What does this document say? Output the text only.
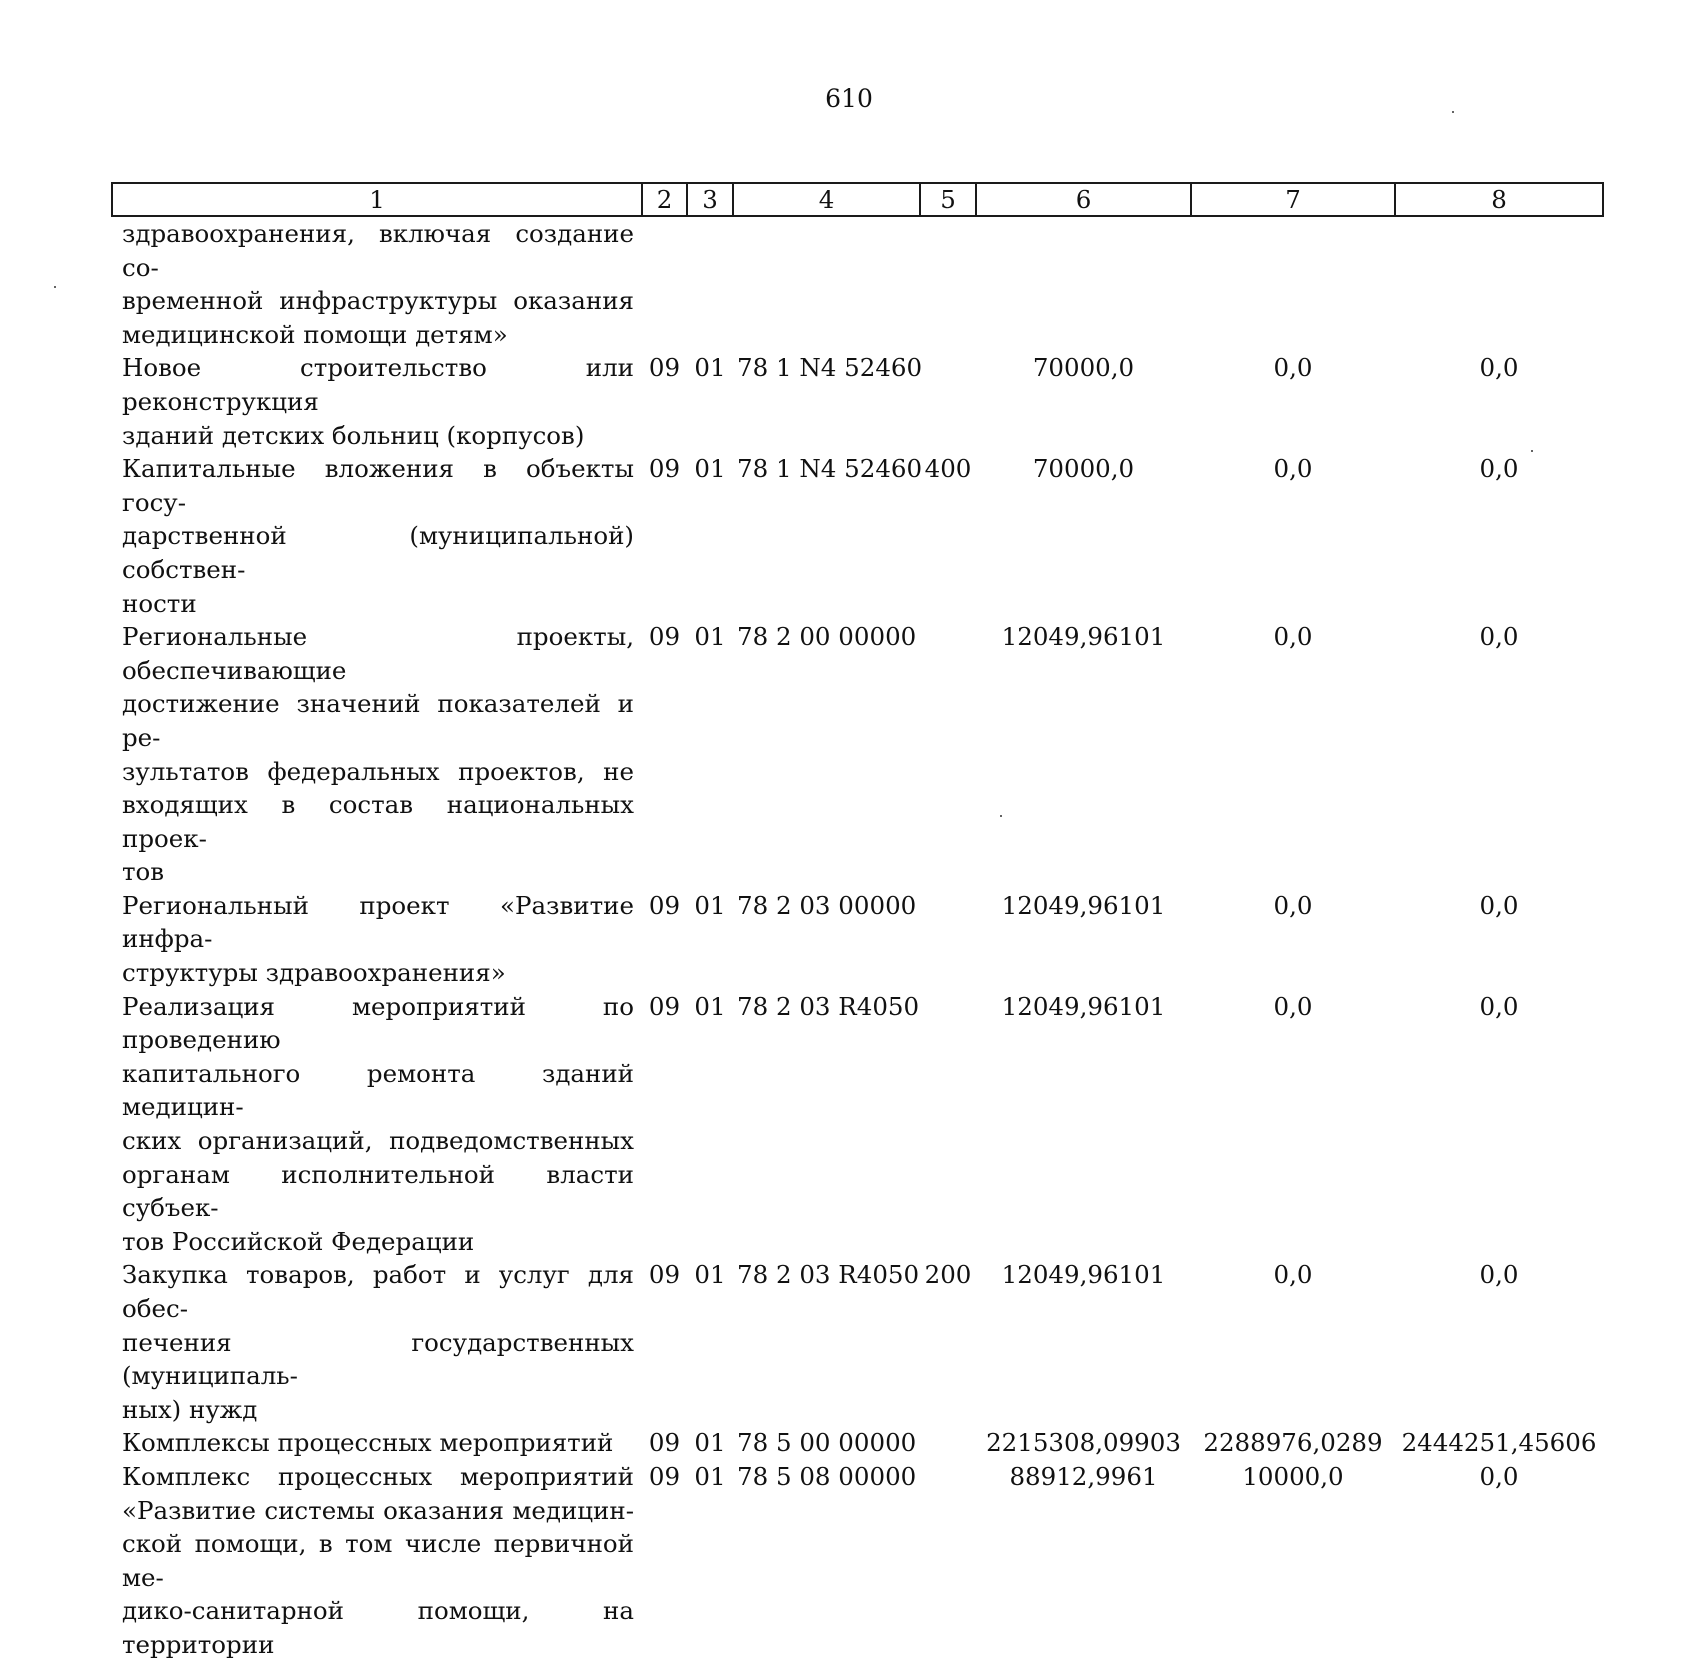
610
1	2	3	4	5	6	7	8

здравоохранения, включая создание со-
временной инфраструктуры оказания
медицинской помощи детям»							

Новое строительство или реконструкция
зданий детских больниц (корпусов)	09	01	78 1 N4 52460		70000,0	0,0	0,0

Капитальные вложения в объекты госу-
дарственной (муниципальной) собствен-
ности	09	01	78 1 N4 52460	400	70000,0	0,0	0,0

Региональные проекты, обеспечивающие
достижение значений показателей и ре-
зультатов федеральных проектов, не
входящих в состав национальных проек-
тов	09	01	78 2 00 00000		12049,96101	0,0	0,0

Региональный проект «Развитие инфра-
структуры здравоохранения»	09	01	78 2 03 00000		12049,96101	0,0	0,0

Реализация мероприятий по проведению
капитального ремонта зданий медицин-
ских организаций, подведомственных
органам исполнительной власти субъек-
тов Российской Федерации	09	01	78 2 03 R4050		12049,96101	0,0	0,0

Закупка товаров, работ и услуг для обес-
печения государственных (муниципаль-
ных) нужд	09	01	78 2 03 R4050	200	12049,96101	0,0	0,0

Комплексы процессных мероприятий	09	01	78 5 00 00000		2215308,09903	2288976,0289	2444251,45606

Комплекс процессных мероприятий
«Развитие системы оказания медицин-
ской помощи, в том числе первичной ме-
дико-санитарной помощи, на территории	09	01	78 5 08 00000		88912,9961	10000,0	0,0
